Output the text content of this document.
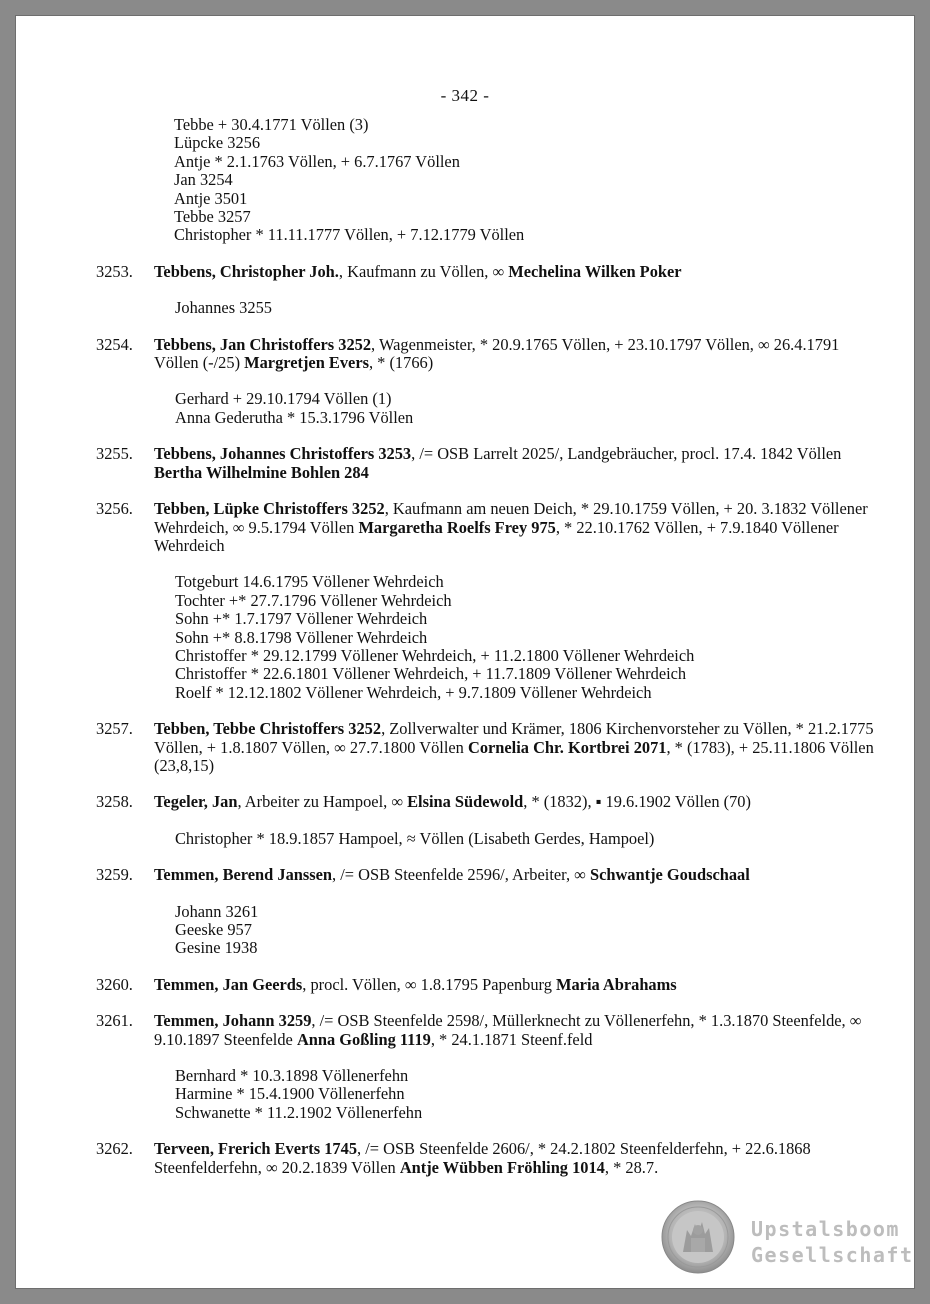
- 342 -
Tebbe + 30.4.1771 Völlen (3)
Lüpcke 3256
Antje * 2.1.1763 Völlen, + 6.7.1767 Völlen
Jan 3254
Antje 3501
Tebbe 3257
Christopher * 11.11.1777 Völlen, + 7.12.1779 Völlen
3253. Tebbens, Christopher Joh., Kaufmann zu Völlen, ∞ Mechelina Wilken Poker
Johannes 3255
3254. Tebbens, Jan Christoffers 3252, Wagenmeister, * 20.9.1765 Völlen, + 23.10.1797 Völlen, ∞ 26.4.1791 Völlen (-/25) Margretjen Evers, * (1766)
Gerhard + 29.10.1794 Völlen (1)
Anna Gederutha * 15.3.1796 Völlen
3255. Tebbens, Johannes Christoffers 3253, /= OSB Larrelt 2025/, Landgebräucher, procl. 17.4. 1842 Völlen Bertha Wilhelmine Bohlen 284
3256. Tebben, Lüpke Christoffers 3252, Kaufmann am neuen Deich, * 29.10.1759 Völlen, + 20. 3.1832 Völlener Wehrdeich, ∞ 9.5.1794 Völlen Margaretha Roelfs Frey 975, * 22.10.1762 Völlen, + 7.9.1840 Völlener Wehrdeich
Totgeburt 14.6.1795 Völlener Wehrdeich
Tochter +* 27.7.1796 Völlener Wehrdeich
Sohn +* 1.7.1797 Völlener Wehrdeich
Sohn +* 8.8.1798 Völlener Wehrdeich
Christoffer * 29.12.1799 Völlener Wehrdeich, + 11.2.1800 Völlener Wehrdeich
Christoffer * 22.6.1801 Völlener Wehrdeich, + 11.7.1809 Völlener Wehrdeich
Roelf * 12.12.1802 Völlener Wehrdeich, + 9.7.1809 Völlener Wehrdeich
3257. Tebben, Tebbe Christoffers 3252, Zollverwalter und Krämer, 1806 Kirchenvorsteher zu Völlen, * 21.2.1775 Völlen, + 1.8.1807 Völlen, ∞ 27.7.1800 Völlen Cornelia Chr. Kortbrei 2071, * (1783), + 25.11.1806 Völlen (23,8,15)
3258. Tegeler, Jan, Arbeiter zu Hampoel, ∞ Elsina Südewold, * (1832), ▪ 19.6.1902 Völlen (70)
Christopher * 18.9.1857 Hampoel, ≈ Völlen (Lisabeth Gerdes, Hampoel)
3259. Temmen, Berend Janssen, /= OSB Steenfelde 2596/, Arbeiter, ∞ Schwantje Goudschaal
Johann 3261
Geeske 957
Gesine 1938
3260. Temmen, Jan Geerds, procl. Völlen, ∞ 1.8.1795 Papenburg Maria Abrahams
3261. Temmen, Johann 3259, /= OSB Steenfelde 2598/, Müllerknecht zu Völlenerfehn, * 1.3.1870 Steenfelde, ∞ 9.10.1897 Steenfelde Anna Goßling 1119, * 24.1.1871 Steenf.feld
Bernhard * 10.3.1898 Völlenerfehn
Harmine * 15.4.1900 Völlenerfehn
Schwanette * 11.2.1902 Völlenerfehn
3262. Terveen, Frerich Everts 1745, /= OSB Steenfelde 2606/, * 24.2.1802 Steenfelderfehn, + 22.6.1868 Steenfelderfehn, ∞ 20.2.1839 Völlen Antje Wübben Fröhling 1014, * 28.7.
Upstalsboom
Gesellschaft
